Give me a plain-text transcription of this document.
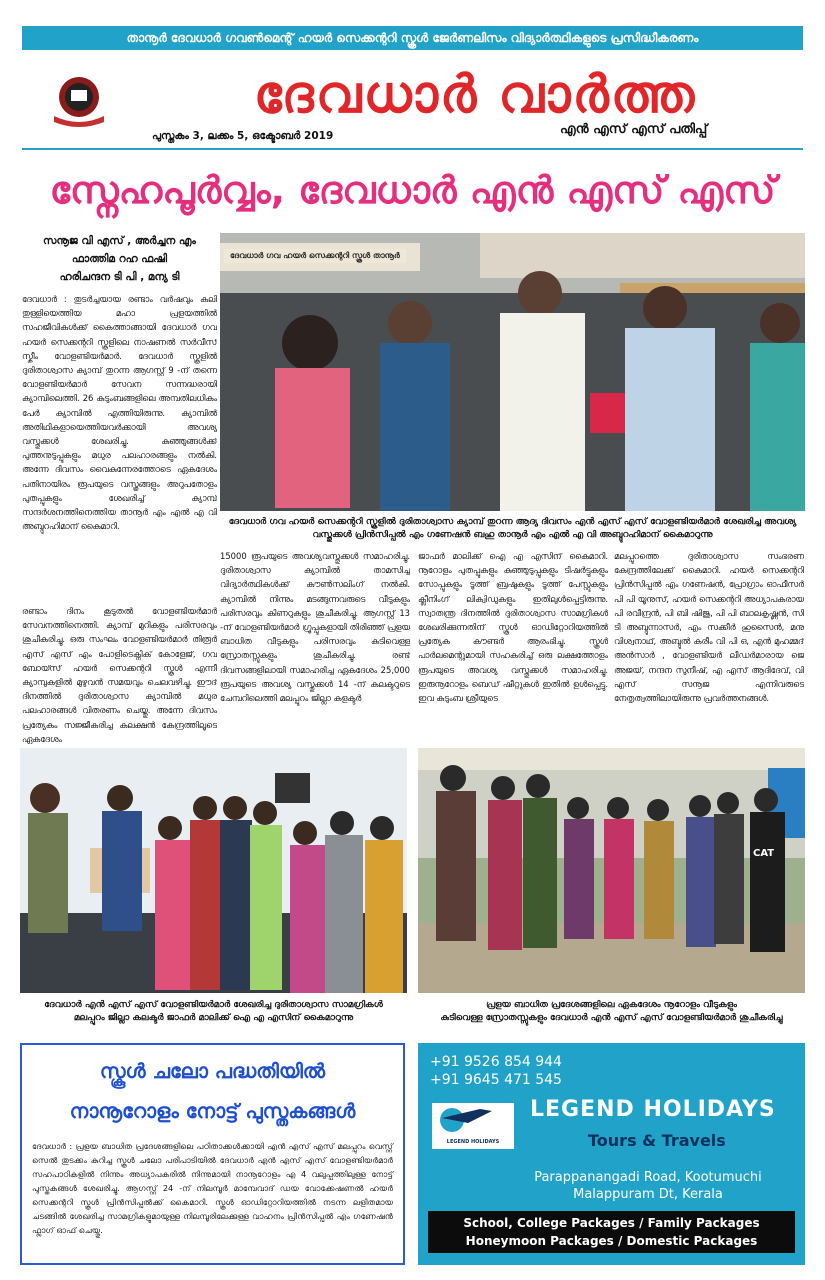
താനൂർ ദേവധാർ ഗവൺമെന്റ് ഹയർ സെക്കന്ററി സ്കൂൾ ജേർണലിസം വിദ്യാർത്ഥികളുടെ പ്രസിദ്ധീകരണം
ദേവധാർ വാർത്ത
പുസ്തകം 3, ലക്കം 5, ഒക്ടോബർ 2019	എൻ എസ് എസ് പതിപ്പ്
സ്നേഹപൂർവ്വം, ദേവധാർ എൻ എസ് എസ്
സനൂജ വി എസ് , അർച്ചന എം
ഫാത്തിമ റഹ ഫഷി
ഹരിചന്ദന ടി പി , മന്യ ടി
ദേവധാർ : തുടർച്ചയായ രണ്ടാം വർഷവും കലി തുള്ളിയെത്തിയ മഹാ പ്രളയത്തിൽ സഹജീവികൾക്ക് കൈത്താങ്ങായി ദേവധാർ ഗവ ഹയർ സെക്കന്ററി സ്കൂളിലെ നാഷണൽ സർവീസ് സ്കീം വോളണ്ടിയർമാർ. ദേവധാർ സ്കൂളിൽ ദുരിതാശ്വാസ ക്യാമ്പ് തുറന്ന ആഗസ്റ്റ് 9 -ന് തന്നെ വോളണ്ടിയർമാർ സേവന സന്നദ്ധരായി ക്യാമ്പിലെത്തി. 26 കുടുംബങ്ങളിലെ അമ്പതിലധികം പേർ ക്യാമ്പിൽ എത്തിയിരുന്നു. ക്യാമ്പിൽ അതിഥികളായെത്തിയവർക്കായി അവശ്യ വസ്തുക്കൾ ശേഖരിച്ചു. കുഞ്ഞുങ്ങൾക്ക് പുത്തനുടുപ്പുകളും മധുര പലഹാരങ്ങളും നൽകി. അന്നേ ദിവസം വൈകുന്നേരത്തോടെ ഏകദേശം പതിനായിരം രൂപയുടെ വസ്ത്രങ്ങളും അറുപതോളം പുതപ്പുകളും ശേഖരിച്ച് ക്യാമ്പ് സന്ദർശനത്തിനെത്തിയ താനൂർ എം എൽ എ വി അബ്ദുറഹിമാന് കൈമാറി.
ദേവധാർ ഗവ ഹയർ സെക്കന്ററി സ്കൂൾ താനൂർ
ദേവധാർ ഗവ ഹയർ സെക്കന്ററി സ്കൂളിൽ ദുരിതാശ്വാസ ക്യാമ്പ് തുറന്ന ആദ്യ ദിവസം എൻ എസ് എസ് വോളണ്ടിയർമാർ ശേഖരിച്ച അവശ്യ വസ്തുക്കൾ പ്രിൻസിപ്പൽ എം ഗണേഷൻ ബഹു താനൂർ എം എൽ എ വി അബ്ദുറഹിമാന് കൈമാറുന്നു
രണ്ടാം ദിനം കൂടുതൽ വോളണ്ടിയർമാർ സേവനത്തിനെത്തി. ക്യാമ്പ് മുറികളും പരിസരവും ശുചീകരിച്ചു. ഒരു സംഘം വോളണ്ടിയർമാർ തിരൂർ എസ് എസ് എം പോളിടെക്നിക് കോളേജ്, ഗവ ബോയ്സ് ഹയർ സെക്കന്ററി സ്കൂൾ എന്നീ ക്യാമ്പുകളിൽ മുഴുവൻ സമയവും ചെലവഴിച്ചു. ഈദ് ദിനത്തിൽ ദുരിതാശ്വാസ ക്യാമ്പിൽ മധുര പലഹാരങ്ങൾ വിതരണം ചെയ്തു. അന്നേ ദിവസം പ്രത്യേകം സജ്ജീകരിച്ച കലക്ഷൻ കേന്ദ്രത്തിലൂടെ ഏകദേശം
15000 രൂപയുടെ അവശ്യവസ്തുക്കൾ സമാഹരിച്ചു. ദുരിതാശ്വാസ ക്യാമ്പിൽ താമസിച്ച വിദ്യാർത്ഥികൾക്ക് കൗൺസലിംഗ് നൽകി. ക്യാമ്പിൽ നിന്നും മടങ്ങുന്നവരുടെ വീടുകളും പരിസരവും കിണറുകളും ശുചീകരിച്ചു. ആഗസ്റ്റ് 13 -ന് വോളണ്ടിയർമാർ ഗ്രൂപ്പുകളായി തിരിഞ്ഞ് പ്രളയ ബാധിത വീടുകളും പരിസരവും കുടിവെള്ള സ്രോതസ്സുകളും ശുചീകരിച്ചു. രണ്ട് ദിവസങ്ങളിലായി സമാഹരിച്ച ഏകദേശം 25,000 രൂപയുടെ അവശ്യ വസ്തുക്കൾ 14 -ന് കലക്ടറുടെ ചേമ്പറിലെത്തി മലപ്പുറം ജില്ലാ കളക്ടർ
ജാഫർ മാലിക്ക് ഐ എ എസിന് കൈമാറി. നൂറോളം പുതപ്പുകളും കുഞ്ഞുടുപ്പുകളും ടിഷർട്ടുകളും സോപ്പുകളും ടൂത്ത് ബ്രഷുകളും ടൂത്ത് പേസ്റ്റുകളും ക്ലീനിംഗ് ലിക്വിഡുകളും ഇതിലുൾപ്പെട്ടിരുന്നു. സ്വാതന്ത്ര ദിനത്തിൽ ദുരിതാശ്വാസ സാമഗ്രികൾ ശേഖരിക്കുന്നതിന് സ്കൂൾ ഓഡിറ്റോറിയത്തിൽ പ്രത്യേക കൗണ്ടർ ആരംഭിച്ചു. സ്കൂൾ പാർലമെന്റുമായി സഹകരിച്ച് ഒരു ലക്ഷത്തോളം രൂപയുടെ അവശ്യ വസ്തുക്കൾ സമാഹരിച്ചു. ഇരുനൂറോളം ബെഡ് ഷീറ്റുകൾ ഇതിൽ ഉൾപ്പെട്ടു. ഇവ കുടുംബ ശ്രീയുടെ
മലപ്പുറത്തെ ദുരിതാശ്വാസ സംഭരണ കേന്ദ്രത്തിലേക്ക് കൈമാറി. ഹയർ സെക്കന്ററി പ്രിൻസിപ്പൽ എം ഗണേഷൻ, പ്രോഗ്രാം ഓഫീസർ പി പി യൂനുസ്, ഹയർ സെക്കന്ററി അധ്യാപകരായ പി രവീന്ദ്രൻ, പി ബി ഷിജു, പി പി ബാലകൃഷ്ണൻ, സി ടി അബ്ദുന്നാസർ, എം സക്കീർ ഹുസൈൻ, മനു വിശ്വനാഥ്, അബ്ദുൽ കരീം വി പി ഒ, എൻ മുഹമ്മദ് അൻസാർ , വോളണ്ടിയർ ലീഡർമാരായ ജെ അജയ്, നന്ദന സുനീഷ്, എ എസ് ആദിദേവ്, വി എസ് സനൂജ എന്നിവരുടെ നേതൃത്വത്തിലായിരുന്നു പ്രവർത്തനങ്ങൾ.
CAT
ദേവധാർ എൻ എസ് എസ് വോളണ്ടിയർമാർ ശേഖരിച്ച ദുരിതാശ്വാസ സാമഗ്രികൾ
മലപ്പുറം ജില്ലാ കലക്ടർ ജാഫർ മാലിക്ക് ഐ എ എസിന് കൈമാറുന്നു
പ്രളയ ബാധിത പ്രദേശങ്ങളിലെ ഏകദേശം നൂറോളം വീടുകളും
കുടിവെള്ള സ്രോതസ്സുകളും ദേവധാർ എൻ എസ് എസ് വോളണ്ടിയർമാർ ശുചീകരിച്ചു
സ്കൂൾ ചലോ പദ്ധതിയിൽ
നാനൂറോളം നോട്ട് പുസ്തകങ്ങൾ
ദേവധാർ : പ്രളയ ബാധിത പ്രദേശങ്ങളിലെ പഠിതാക്കൾക്കായി എൻ എസ് എസ് മലപ്പുറം വെസ്റ്റ് സെൽ തുടക്കം കുറിച്ച സ്കൂൾ ചലോ പരിപാടിയിൽ ദേവധാർ എൻ എസ് എസ് വോളണ്ടിയർമാർ സഹപാഠികളിൽ നിന്നും അധ്യാപകരിൽ നിന്നുമായി നാനൂറോളം എ 4 വലുപ്പത്തിലുള്ള നോട്ട് പുസ്തകങ്ങൾ ശേഖരിച്ചു. ആഗസ്റ്റ് 24 -ന് നിലമ്പൂർ മാമ്പേവാദ് ഡയ വോക്കേഷണൽ ഹയർ സെക്കന്ററി സ്കൂൾ പ്രിൻസിപ്പൽക്ക് കൈമാറി. സ്കൂൾ ഓഡിറ്റോറിയത്തിൽ നടന്ന ലളിതമായ ചടങ്ങിൽ ശേഖരിച്ച സാമഗ്രികളുമായുള്ള നിലമ്പൂരിലേക്കുള്ള വാഹനം പ്രിൻസിപ്പൽ എം ഗണേഷൻ ഫ്ലാഗ് ഓഫ് ചെയ്തു.
+91 9526 854 944
+91 9645 471 545
LEGEND HOLIDAYS
LEGEND HOLIDAYS
Tours & Travels
Parappanangadi Road, Kootumuchi
Malappuram Dt, Kerala
School, College Packages / Family Packages
Honeymoon Packages / Domestic Packages
